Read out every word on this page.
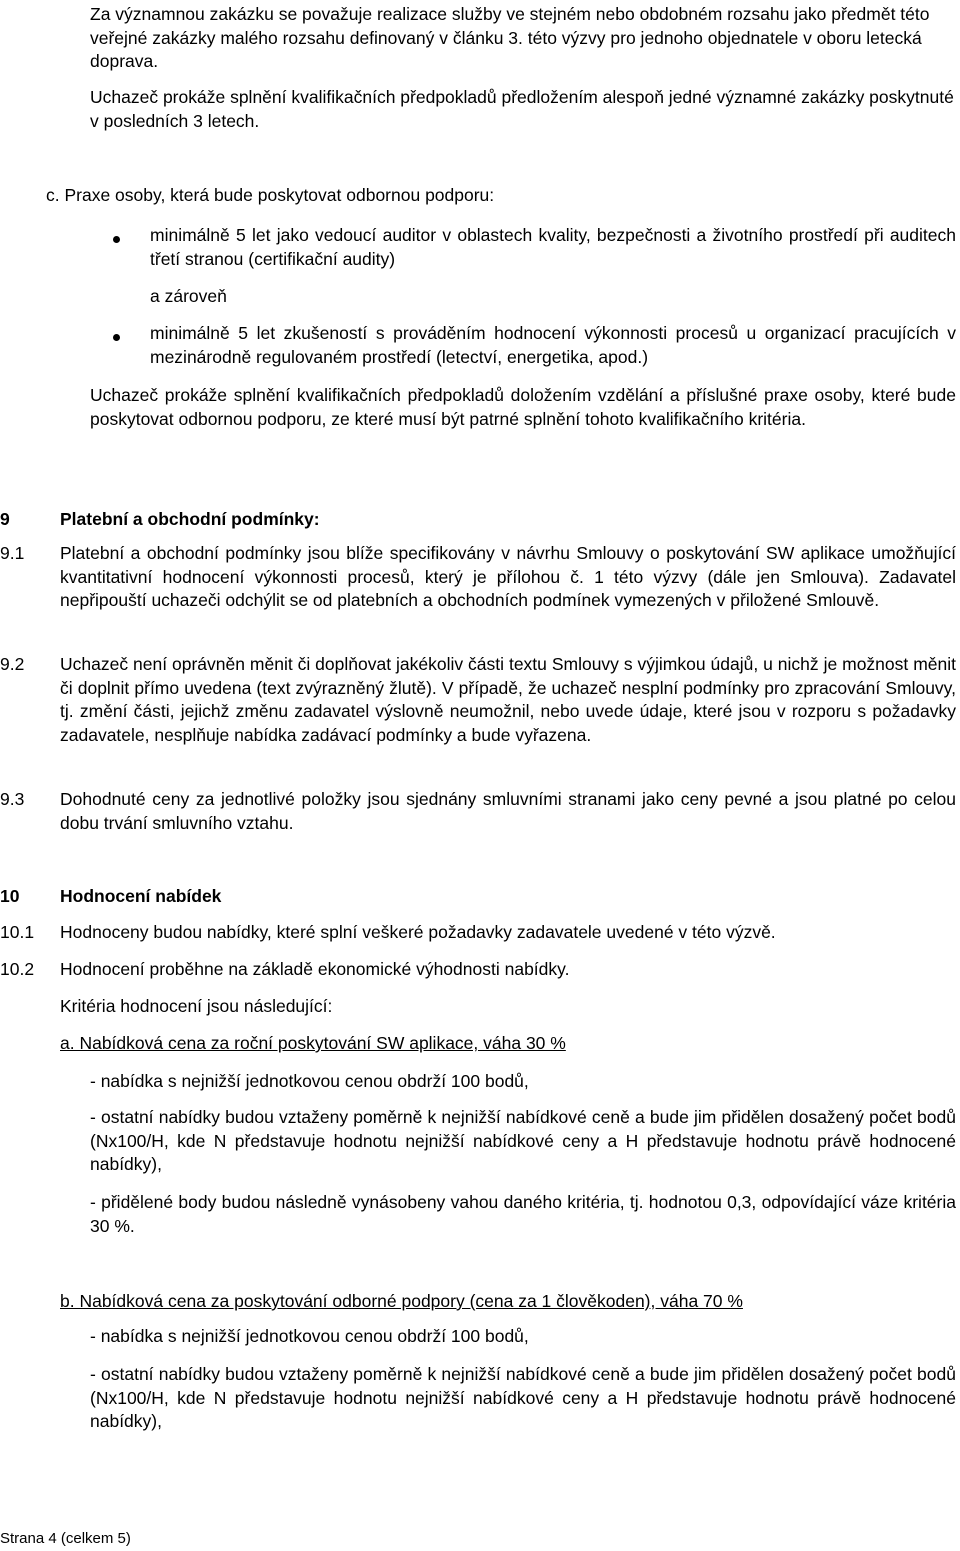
Za významnou zakázku se považuje realizace služby ve stejném nebo obdobném rozsahu jako předmět této veřejné zakázky malého rozsahu definovaný v článku 3. této výzvy pro jednoho objednatele v oboru letecká doprava.
Uchazeč prokáže splnění kvalifikačních předpokladů předložením alespoň jedné významné zakázky poskytnuté v posledních 3 letech.
c. Praxe osoby, která bude poskytovat odbornou podporu:
minimálně 5 let jako vedoucí auditor v oblastech kvality, bezpečnosti a životního prostředí při auditech třetí stranou (certifikační audity)
a zároveň
minimálně 5 let zkušeností s prováděním hodnocení výkonnosti procesů u organizací pracujících v mezinárodně regulovaném prostředí (letectví, energetika, apod.)
Uchazeč prokáže splnění kvalifikačních předpokladů doložením vzdělání a příslušné praxe osoby, které bude poskytovat odbornou podporu, ze které musí být patrné splnění tohoto kvalifikačního kritéria.
9	Platební a obchodní podmínky:
9.1 Platební a obchodní podmínky jsou blíže specifikovány v návrhu Smlouvy o poskytování SW aplikace umožňující kvantitativní hodnocení výkonnosti procesů, který je přílohou č. 1 této výzvy (dále jen Smlouva). Zadavatel nepřipouští uchazeči odchýlit se od platebních a obchodních podmínek vymezených v přiložené Smlouvě.
9.2 Uchazeč není oprávněn měnit či doplňovat jakékoliv části textu Smlouvy s výjimkou údajů, u nichž je možnost měnit či doplnit přímo uvedena (text zvýrazněný žlutě). V případě, že uchazeč nesplní podmínky pro zpracování Smlouvy, tj. změní části, jejichž změnu zadavatel výslovně neumožnil, nebo uvede údaje, které jsou v rozporu s požadavky zadavatele, nesplňuje nabídka zadávací podmínky a bude vyřazena.
9.3 Dohodnuté ceny za jednotlivé položky jsou sjednány smluvními stranami jako ceny pevné a jsou platné po celou dobu trvání smluvního vztahu.
10 Hodnocení nabídek
10.1 Hodnoceny budou nabídky, které splní veškeré požadavky zadavatele uvedené v této výzvě.
10.2 Hodnocení proběhne na základě ekonomické výhodnosti nabídky.
Kritéria hodnocení jsou následující:
a. Nabídková cena za roční poskytování SW aplikace, váha 30 %
- nabídka s nejnižší jednotkovou cenou obdrží 100 bodů,
- ostatní nabídky budou vztaženy poměrně k nejnižší nabídkové ceně a bude jim přidělen dosažený počet bodů (Nx100/H, kde N představuje hodnotu nejnižší nabídkové ceny a H představuje hodnotu právě hodnocené nabídky),
- přidělené body budou následně vynásobeny vahou daného kritéria, tj. hodnotou 0,3, odpovídající váze kritéria 30 %.
b. Nabídková cena za poskytování odborné podpory (cena za 1 člověkoden), váha 70 %
- nabídka s nejnižší jednotkovou cenou obdrží 100 bodů,
- ostatní nabídky budou vztaženy poměrně k nejnižší nabídkové ceně a bude jim přidělen dosažený počet bodů (Nx100/H, kde N představuje hodnotu nejnižší nabídkové ceny a H představuje hodnotu právě hodnocené nabídky),
Strana 4 (celkem 5)
